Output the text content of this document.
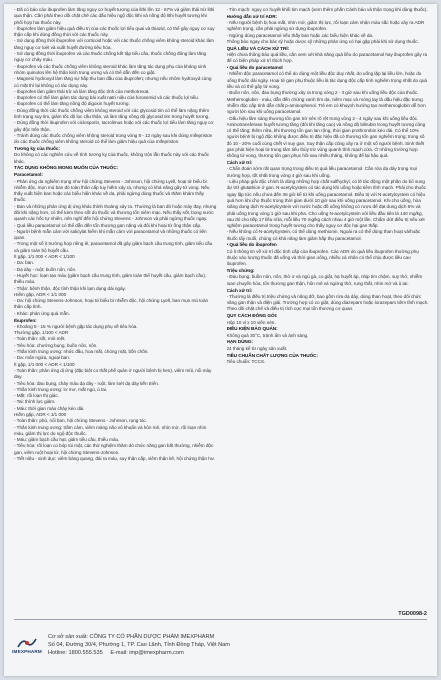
- Đã có báo cáo ibuprofen làm tăng nguy cơ huyết tương của lithi lên 12 - 67% và giảm thải trừ lithi qua thận. Cần phải theo dõi chặt chẽ các dấu hiệu ngộ độc lithi và nồng độ lithi huyết tương khi phối hợp hai thuốc này.

- Ibuprofen làm giảm hiệu quả điều trị của các thuốc lợi tiểu quai và thiazid, có thể gây nguy cơ suy thận cấp khi dùng đồng thời với các thuốc này.

- Sử dụng đồng thời ibuprofen với corticoid hoặc với các thuốc chống viêm không steroid khác làm tăng nguy cơ loét và xuất huyết đường tiêu hóa.

- Sử dụng đồng thời ibuprofen và các thuốc chống kết tập tiểu cầu, thuốc chống đông làm tăng nguy cơ chảy máu.

- Ibuprofen và các thuốc chống viêm không steroid khác làm tăng tác dụng phụ của kháng sinh nhóm quinolon lên hệ thần kinh trung ương và có thể dẫn đến co giật.

- Magnesi hydroxyd làm tăng sự hấp thu ban đầu của ibuprofen; nhưng nếu nhôm hydroxyd cùng có mặt thì lại không có tác dụng này.

- Ibuprofen làm giảm thải trừ và làm tăng độc tính của methotrexat.

- Ibuprofen có thể làm giảm tác dụng bài xuất natri niệu của furosemid và các thuốc lợi tiểu.

- Ibuprofen có thể làm tăng nồng độ digoxin huyết tương.

- Dùng đồng thời các thuốc chống viêm không steroid với các glycosid tim có thể làm nặng thêm tình trạng suy tim, giảm tốc độ lọc cầu thận, và làm tăng nồng độ glycosid tim trong huyết tương.

- Dùng đồng thời ibuprofen với ciclosporin, tacrolimus hoặc với các thuốc lợi tiểu làm tăng nguy cơ gây độc trên thận.

- Tránh dùng các thuốc chống viêm không steroid trong vòng 8 - 12 ngày sau khi dùng mifepriston do các thuốc chống viêm không steroid có thể làm giảm hiệu quả của mifepriston.

Tương kỵ của thuốc:

Do không có các nghiên cứu về tính tương kỵ của thuốc, không trộn lẫn thuốc này với các thuốc khác.

TÁC DỤNG KHÔNG MONG MUỐN CỦA THUỐC:

Paracetamol:

- Phản ứng da nghiêm trọng như hội chứng Stevens - Johnson, hội chứng Lyell, hoại tử biểu bì nhiễm độc, mụn mủ ban đỏ toàn thân cấp tuy hiếm xảy ra, nhưng có khả năng gây tử vong. Nếu thấy xuất hiện ban hoặc các biểu hiện khác về da, phải ngừng dùng thuốc và thăm khám thầy thuốc.

- Ban và những phản ứng dị ứng khác thỉnh thoảng xảy ra. Thường là ban đỏ hoặc mày đay, nhưng đôi khi nặng hơn, có thể kèm theo sốt do thuốc và thương tổn niêm mạc. Nếu thấy sốt, bọng nước quanh các hốc tự nhiên, nên nghĩ đến hội chứng Stevens - Johnson và phải ngừng thuốc ngay.

- Quá liều paracetamol có thể dẫn đến tổn thương gan nặng và đôi khi hoại tử ống thận cấp.

- Người bệnh mẫn cảm với salicylat hiếm khi mẫn cảm với paracetamol và những thuốc có liên quan.

- Trong một số ít trường hợp riêng lẻ, paracetamol đã gây giảm bạch cầu trung tính, giảm tiểu cầu và giảm toàn bộ huyết cầu.

Ít gặp, 1/1 000 < ADR < 1/100

- Da: ban.

- Dạ dày - ruột: buồn nôn, nôn.

- Huyết học: loạn tạo máu (giảm bạch cầu trung tính, giảm toàn thể huyết cầu, giảm bạch cầu), thiếu máu.

- Thận: bệnh thận, độc tính thận khi lạm dụng dài ngày.

Hiếm gặp, ADR < 1/1 000

- Da: hội chứng Stevens-Johnson, hoại tử biểu bì nhiễm độc, hội chứng Lyell, ban mụn mủ toàn thân cấp tính.

- Khác: phản ứng quá mẫn.

Ibuprofen:

- Khoảng 5 - 15 % người bệnh gặp tác dụng phụ về tiêu hóa.

Thường gặp, 1/100 < ADR

- Toàn thân: sốt, mỏi mệt.

- Tiêu hóa: chướng bụng, buồn nôn, nôn.

- Thần kinh trung ương: nhức đầu, hoa mắt, chóng mặt, bồn chồn.

- Da: mẩn ngứa, ngoại ban.

Ít gặp, 1/1 000 < ADR < 1/100

- Toàn thân: phản ứng dị ứng (đặc biệt co thắt phế quản ở người bệnh bị hen), viêm mũi, nổi mày đay.

- Tiêu hóa: đau bụng, chảy máu dạ dày - ruột, làm loét dạ dày tiến triển.

- Thần kinh trung ương: lơ mơ, mất ngủ, ù tai.

- Mắt: rối loạn thị giác.

- Tai: thính lực giảm.

- Máu: thời gian máu chảy kéo dài.

Hiếm gặp, ADR < 1/1 000

- Toàn thân: phù, nổi ban, hội chứng Stevens - Johnson, rụng tóc.

- Thần kinh trung ương: trầm cảm, viêm màng não vô khuẩn và hôn mê, nhìn mờ, rối loạn nhìn màu, giảm thị lực do ngộ độc thuốc.

- Máu: giảm bạch cầu hạt, giảm tiểu cầu, thiếu máu.

- Tiêu hóa: rối loạn co bóp túi mật, các thử nghiệm thăm dò chức năng gan bất thường, nhiễm độc gan, viêm ruột hoại tử, hội chứng Stevens-Johnson.

- Tiết niệu - sinh dục: viêm bàng quang, đái ra máu, suy thận cấp, viêm thận kẽ, hội chứng thận hư.

- Tim mạch: nguy cơ huyết khối tim mạch (xem thêm phần Cảnh báo và thận trọng khi dùng thuốc).

Hướng dẫn xử trí ADR:

- Nếu người bệnh bị hoa mắt, nhìn mờ, giảm thị lực, rối loạn cảm nhận màu sắc hoặc xảy ra ADR nghiêm trọng, cần phải ngừng sử dụng ibuprofen.

- Ngừng dùng paracetamol nếu thấy ban hoặc các biểu hiện khác về da.

Thông báo ngay cho bác sỹ hoặc dược sỹ những phản ứng có hại gặp phải khi sử dụng thuốc.

QUÁ LIỀU VÀ CÁCH XỬ TRÍ:

Hiện chưa thông báo quá liều, cần xem xét khả năng quá liều do paracetamol hay ibuprofen gây ra để có biện pháp xử trí thích hợp.

• Quá liều do paracetamol

- Nhiễm độc paracetamol có thể do dùng một liều độc duy nhất, do uống lặp lại liều lớn, hoặc do uống thuốc dài ngày. Hoại tử gan phụ thuộc liều là tác dụng độc cấp tính nghiêm trọng nhất do quá liều và có thể gây tử vong.

- Buồn nôn, nôn, đau bụng thường xảy ra trong vòng 2 - 3 giờ sau khi uống liều độc của thuốc. Methemoglobin - máu, dẫn đến chứng xanh tím da, niêm mạc và móng tay là dấu hiệu đặc trưng nhiễm độc cấp tính dẫn chất p-aminophenol. Trẻ em có khuynh hướng tạo methemoglobin dễ hơn người lớn sau khi uống paracetamol.

- Dấu hiệu lâm sàng thương tổn gan trở nên rõ rệt trong vòng 2 - 4 ngày sau khi uống liều độc. Aminotransferase huyết tương tăng (đôi khi tăng cao) và nồng độ bilirubin trong huyết tương cũng có thể tăng; thêm nữa, khi thương tổn gan lan rộng, thời gian prothrombin kéo dài. Có thể 10% người bệnh bị ngộ độc không được điều trị đặc hiệu đã có thương tổn gan nghiêm trọng; trong số đó 10 - 20% cuối cùng chết vì suy gan. Suy thận cấp cũng xảy ra ở một số người bệnh. Sinh thiết gan phát hiện hoại tử trung tâm tiểu thùy trừ vùng quanh tĩnh mạch cửa. Ở những trường hợp không tử vong, thương tổn gan phục hồi sau nhiều tháng, không để lại hậu quả.

Cách xử trí:

- Chẩn đoán sớm rất quan trọng trong điều trị quá liều paracetamol. Cần rửa dạ dày trong mọi trường hợp, tốt nhất trong vòng 4 giờ sau khi uống.

- Liệu pháp giải độc chính là dùng những hợp chất sulfhydryl, có lẽ tác động một phần do bổ sung dự trữ glutathion ở gan. N-acetylcystein có tác dụng khi uống hoặc tiêm tĩnh mạch. Phải cho thuốc ngay lập tức nếu chưa đến 36 giờ kể từ khi uống paracetamol. Điều trị với N-acetylcystein có hiệu quả hơn khi cho thuốc trong thời gian dưới 10 giờ sau khi uống paracetamol. Khi cho uống, hòa loãng dung dịch N-acetylcystein với nước hoặc đồ uống không có rượu để đạt dung dịch 5% và phải uống trong vòng 1 giờ sau khi pha. Cho uống N-acetylcystein với liều đầu tiên là 140 mg/kg, sau đó cho tiếp 17 liều nữa, mỗi liều 70 mg/kg cách nhau 4 giờ một lần. Chấm dứt điều trị nếu xét nghiệm paracetamol trong huyết tương cho thấy nguy cơ độc hại gan thấp.

- Nếu không có N-acetylcystein, có thể dùng methionin. Ngoài ra có thể dùng than hoạt và/hoặc thuốc tẩy muối, chúng có khả năng làm giảm hấp thụ paracetamol.

• Quá liều do ibuprofen

Có ít thông tin về xử trí độc tính cấp của ibuprofen. Các ADR do quá liều ibuprofen thường phụ thuộc vào lượng thuốc đã uống và thời gian uống, nhiều cá nhân có thể chịu được liều cao ibuprofen.

Triệu chứng:

- Đau bụng, buồn nôn, nôn, thờ ơ và ngủ gà, co giật, hạ huyết áp, nhịp tim chậm, suy thở, nhiễm toan chuyển hóa, tổn thương gan thận, hôn mê và ngừng thở, rung thất, nhìn mờ và ù tai.

Cách xử trí:

- Thường là điều trị triệu chứng và nâng đỡ, bao gồm rửa dạ dày, dùng than hoạt, theo dõi chức năng gan thận và điện giải. Trường hợp có co giật, dùng diazepam hoặc lorazepam tiêm tĩnh mạch. Theo dõi chặt chẽ và điều trị tích cực mọi tổn thương cơ quan.

QUY CÁCH ĐÓNG GÓI:

Hộp 10 vỉ x 10 viên nén.

ĐIỀU KIỆN BẢO QUẢN:

Không quá 30°C, tránh ẩm và ánh sáng.

HẠN DÙNG:

24 tháng kể từ ngày sản xuất.

TIÊU CHUẨN CHẤT LƯỢNG CỦA THUỐC:

Tiêu chuẩn: TCCS.

TGD0098-2
IMEXPHARM
Cơ sở sản xuất: CÔNG TY CỔ PHẦN DƯỢC PHẨM IMEXPHARM
Số 04, Đường 30/4, Phường 1, TP. Cao Lãnh, Tỉnh Đồng Tháp, Việt Nam
Hotline: 1800.555.535 E-mail: imp@imexpharm.com
